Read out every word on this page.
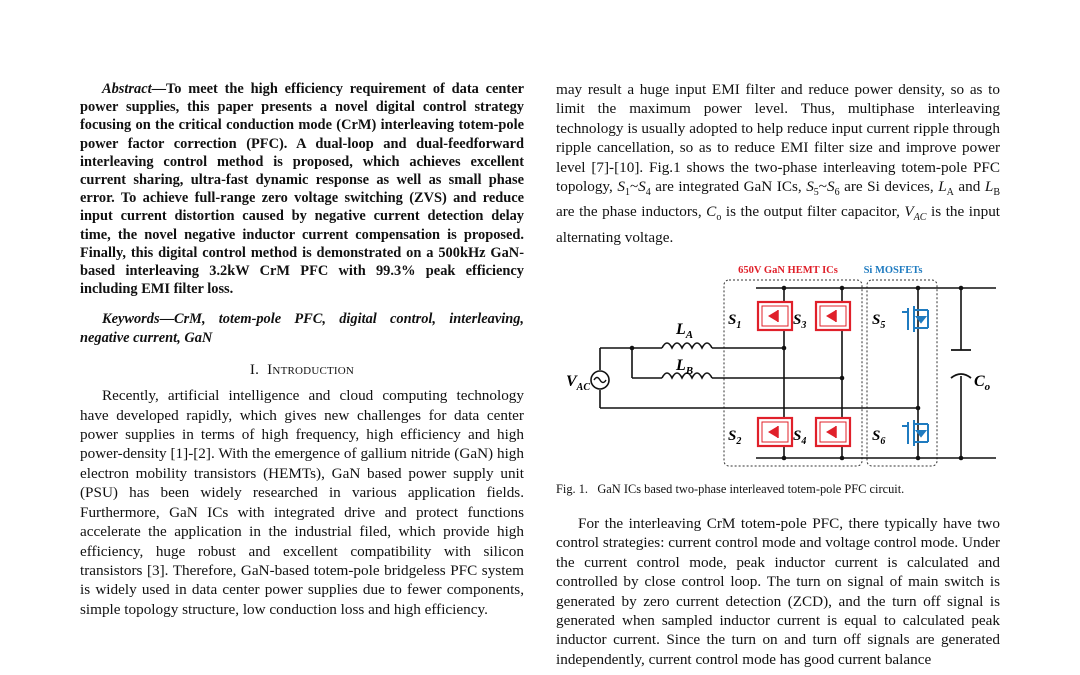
Abstract—To meet the high efficiency requirement of data center power supplies, this paper presents a novel digital control strategy focusing on the critical conduction mode (CrM) interleaving totem-pole power factor correction (PFC). A dual-loop and dual-feedforward interleaving control method is proposed, which achieves excellent current sharing, ultra-fast dynamic response as well as small phase error. To achieve full-range zero voltage switching (ZVS) and reduce input current distortion caused by negative current detection delay time, the novel negative inductor current compensation is proposed. Finally, this digital control method is demonstrated on a 500kHz GaN-based interleaving 3.2kW CrM PFC with 99.3% peak efficiency including EMI filter loss.

Keywords—CrM, totem-pole PFC, digital control, interleaving, negative current, GaN

I. Introduction

Recently, artificial intelligence and cloud computing technology have developed rapidly, which gives new challenges for data center power supplies in terms of high frequency, high efficiency and high power-density [1]-[2]. With the emergence of gallium nitride (GaN) high electron mobility transistors (HEMTs), GaN based power supply unit (PSU) has been widely researched in various application fields. Furthermore, GaN ICs with integrated drive and protect functions accelerate the application in the industrial filed, which provide high efficiency, huge robust and excellent compatibility with silicon transistors [3]. Therefore, GaN-based totem-pole bridgeless PFC system is widely used in data center power supplies due to fewer components, simple topology structure, low conduction loss and high efficiency.

may result a huge input EMI filter and reduce power density, so as to limit the maximum power level. Thus, multiphase interleaving technology is usually adopted to help reduce input current ripple through ripple cancellation, so as to reduce EMI filter size and improve power level [7]-[10]. Fig.1 shows the two-phase interleaving totem-pole PFC topology, $S_1\sim S_4$ are integrated GaN ICs, $S_5\sim S_6$ are Si devices, $L_A$ and $L_B$ are the phase inductors, $C_o$ is the output filter capacitor, $V_{AC}$ is the input alternating voltage.

650V GaN HEMT ICs Si MOSFETs
$S_1$	$S_3$	$S_5$
$S_2$	$S_4$	$S_6$
$L_A$
$L_B$
$V_{AC}$	$C_o$
Fig. 1. GaN ICs based two-phase interleaved totem-pole PFC circuit.

For the interleaving CrM totem-pole PFC, there typically have two control strategies: current control mode and voltage control mode. Under the current control mode, peak inductor current is calculated and controlled by close control loop. The turn on signal of main switch is generated by zero current detection (ZCD), and the turn off signal is generated when sampled inductor current is equal to calculated peak inductor current. Since the turn on and turn off signals are generated independently, current control mode has good current balance
